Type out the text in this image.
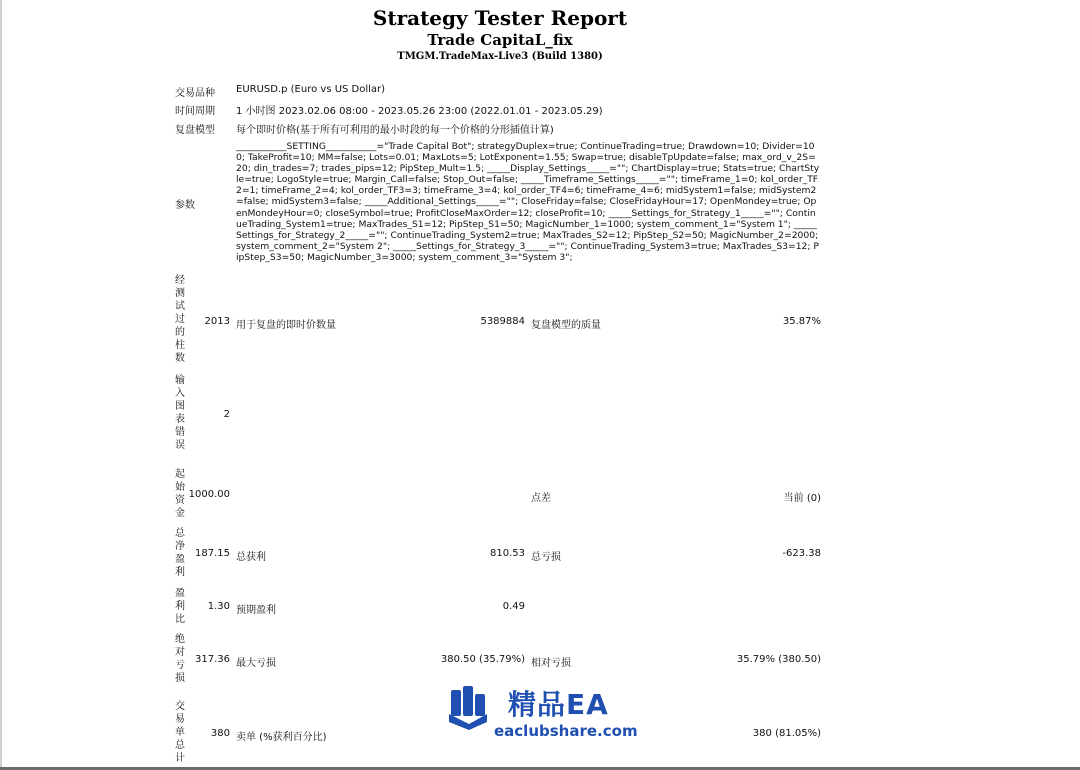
Strategy Tester Report
Trade CapitaL_fix
TMGM.TradeMax-Live3 (Build 1380)
交易品种 EURUSD.p (Euro vs US Dollar)
时间周期 1 小时图 2023.02.06 08:00 - 2023.05.26 23:00 (2022.01.01 - 2023.05.29)
复盘模型 每个即时价格(基于所有可利用的最小时段的每一个价格的分形插值计算)
参数
___________SETTING___________="Trade Capital Bot"; strategyDuplex=true; ContinueTrading=true; Drawdown=10; Divider=100; TakeProfit=10; MM=false; Lots=0.01; MaxLots=5; LotExponent=1.55; Swap=true; disableTpUpdate=false; max_ord_v_2S=20; din_trades=7; trades_pips=12; PipStep_Mult=1.5; _____Display_Settings_____=""; ChartDisplay=true; Stats=true; ChartStyle=true; LogoStyle=true; Margin_Call=false; Stop_Out=false; _____Timeframe_Settings_____=""; timeFrame_1=0; kol_order_TF2=1; timeFrame_2=4; kol_order_TF3=3; timeFrame_3=4; kol_order_TF4=6; timeFrame_4=6; midSystem1=false; midSystem2=false; midSystem3=false; _____Additional_Settings_____=""; CloseFriday=false; CloseFridayHour=17; OpenMondey=true; OpenMondeyHour=0; closeSymbol=true; ProfitCloseMaxOrder=12; closeProfit=10; _____Settings_for_Strategy_1_____=""; ContinueTrading_System1=true; MaxTrades_S1=12; PipStep_S1=50; MagicNumber_1=1000; system_comment_1="System 1"; _____Settings_for_Strategy_2_____=""; ContinueTrading_System2=true; MaxTrades_S2=12; PipStep_S2=50; MagicNumber_2=2000; system_comment_2="System 2"; _____Settings_for_Strategy_3_____=""; ContinueTrading_System3=true; MaxTrades_S3=12; PipStep_S3=50; MagicNumber_3=3000; system_comment_3="System 3";
经
测
试
过
的
柱
数
2013 用于复盘的即时价数量	5389884 复盘模型的质量	35.87%
输
入
图
表
错
误
2
起
始
资
金
1000.00	点差	当前 (0)
总
净
盈
利
187.15 总获利	810.53 总亏损	-623.38
盈
利
比
1.30 预期盈利	0.49
绝
对
亏
损
317.36 最大亏损	380.50 (35.79%) 相对亏损	35.79% (380.50)
交
易
单
总
计
380 卖单 (%获利百分比)	380 (81.05%)
精品EA
eaclubshare.com
